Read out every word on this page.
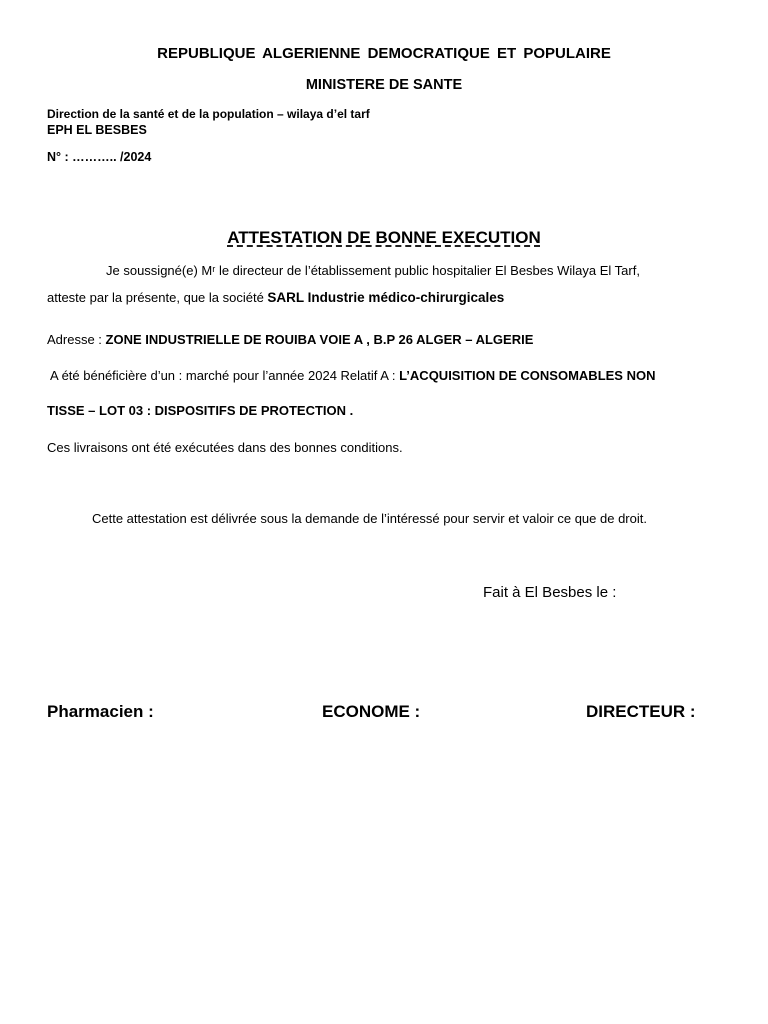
REPUBLIQUE ALGERIENNE DEMOCRATIQUE ET POPULAIRE
MINISTERE DE SANTE
Direction de la santé et de la population – wilaya d’el tarf
EPH EL BESBES
N° : ……….. /2024
ATTESTATION DE BONNE EXECUTION
Je soussigné(e) Mʳ le directeur de l’établissement public hospitalier El Besbes Wilaya El Tarf,
atteste par la présente, que la société SARL Industrie médico-chirurgicales
Adresse : ZONE INDUSTRIELLE DE ROUIBA VOIE A , B.P 26 ALGER – ALGERIE
A été bénéficière d’un : marché pour l’année 2024 Relatif A : L’ACQUISITION DE CONSOMABLES NON
TISSE – LOT 03 : DISPOSITIFS DE PROTECTION .
Ces livraisons ont été exécutées dans des bonnes conditions.
Cette attestation est délivrée sous la demande de l’intéressé pour servir et valoir ce que de droit.
Fait à El Besbes le :
Pharmacien :	ECONOME :	DIRECTEUR :
